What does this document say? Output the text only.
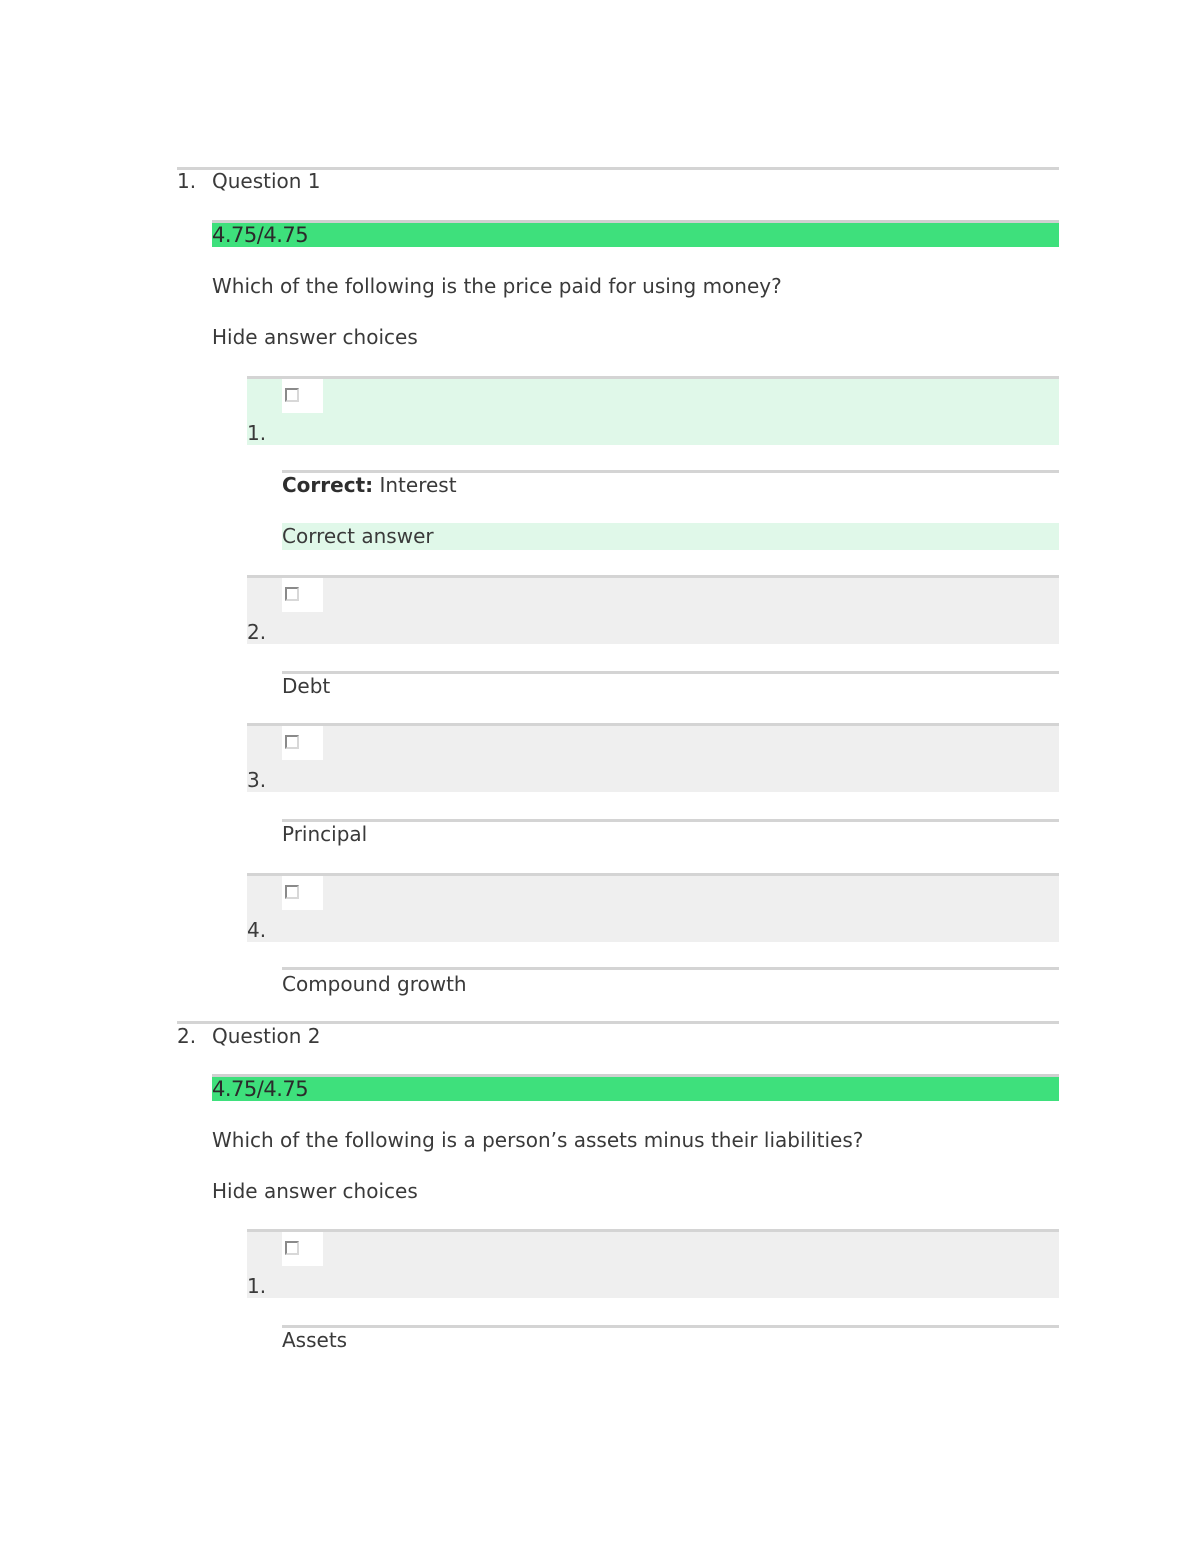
1. Question 1
4.75/4.75
Which of the following is the price paid for using money?
Hide answer choices
1.
Correct: Interest
Correct answer
2.
Debt
3.
Principal
4.
Compound growth
2. Question 2
4.75/4.75
Which of the following is a person’s assets minus their liabilities?
Hide answer choices
1.
Assets
